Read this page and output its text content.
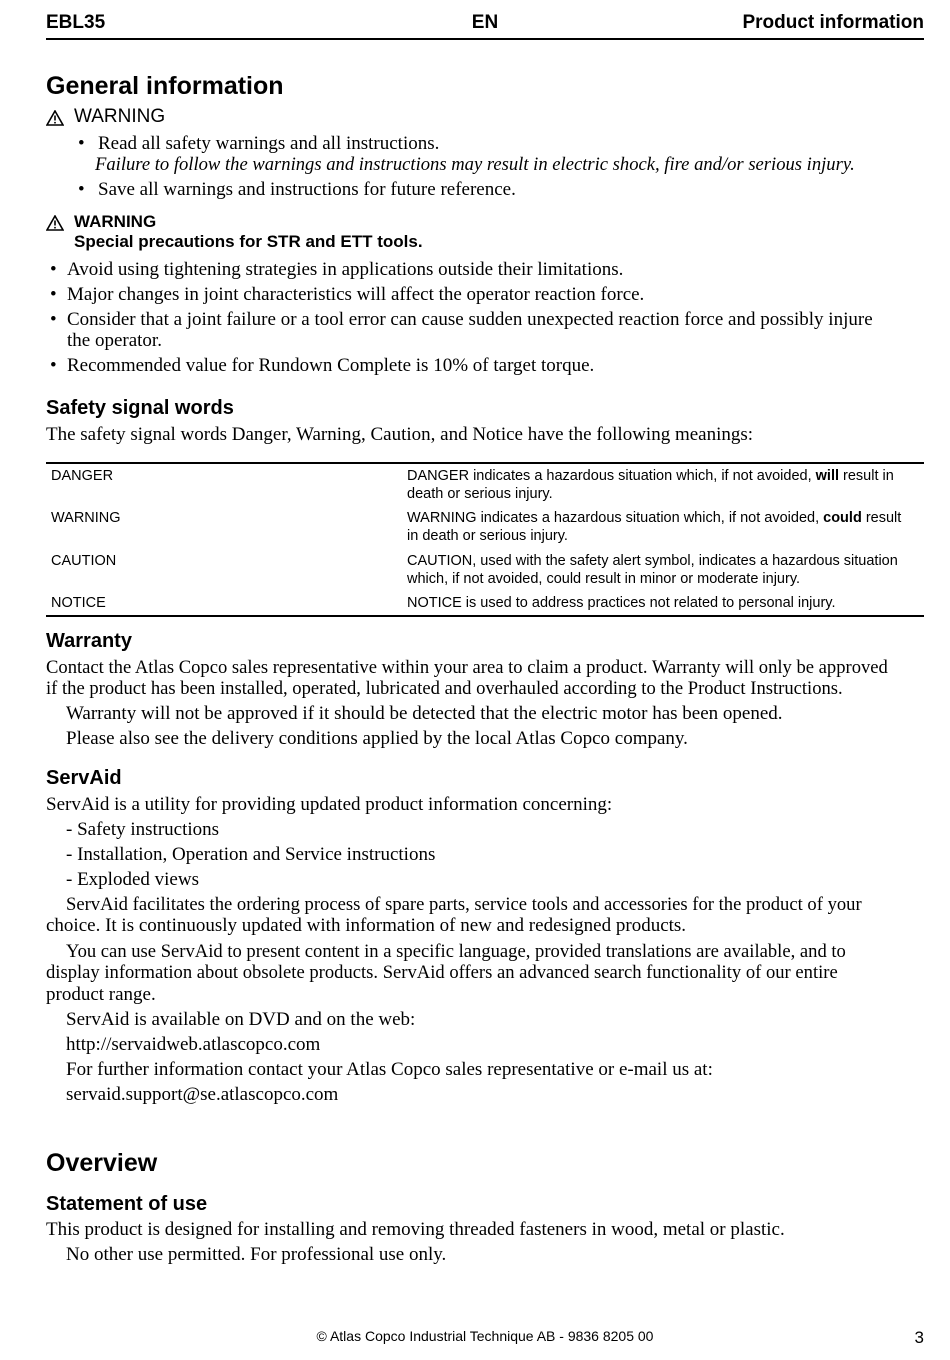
EBL35	EN	Product information
General information
WARNING
• Read all safety warnings and all instructions.
Failure to follow the warnings and instructions may result in electric shock, fire and/or serious injury.
• Save all warnings and instructions for future reference.
WARNING
Special precautions for STR and ETT tools.
• Avoid using tightening strategies in applications outside their limitations.
• Major changes in joint characteristics will affect the operator reaction force.
• Consider that a joint failure or a tool error can cause sudden unexpected reaction force and possibly injure
the operator.
• Recommended value for Rundown Complete is 10% of target torque.
Safety signal words
The safety signal words Danger, Warning, Caution, and Notice have the following meanings:
DANGER	DANGER indicates a hazardous situation which, if not avoided, will result in
death or serious injury.
WARNING	WARNING indicates a hazardous situation which, if not avoided, could result
in death or serious injury.
CAUTION	CAUTION, used with the safety alert symbol, indicates a hazardous situation
which, if not avoided, could result in minor or moderate injury.
NOTICE	NOTICE is used to address practices not related to personal injury.
Warranty
Contact the Atlas Copco sales representative within your area to claim a product. Warranty will only be approved
if the product has been installed, operated, lubricated and overhauled according to the Product Instructions.
Warranty will not be approved if it should be detected that the electric motor has been opened.
Please also see the delivery conditions applied by the local Atlas Copco company.
ServAid
ServAid is a utility for providing updated product information concerning:
- Safety instructions
- Installation, Operation and Service instructions
- Exploded views
ServAid facilitates the ordering process of spare parts, service tools and accessories for the product of your
choice. It is continuously updated with information of new and redesigned products.
You can use ServAid to present content in a specific language, provided translations are available, and to
display information about obsolete products. ServAid offers an advanced search functionality of our entire
product range.
ServAid is available on DVD and on the web:
http://servaidweb.atlascopco.com
For further information contact your Atlas Copco sales representative or e-mail us at:
servaid.support@se.atlascopco.com
Overview
Statement of use
This product is designed for installing and removing threaded fasteners in wood, metal or plastic.
No other use permitted. For professional use only.
© Atlas Copco Industrial Technique AB - 9836 8205 00	3
